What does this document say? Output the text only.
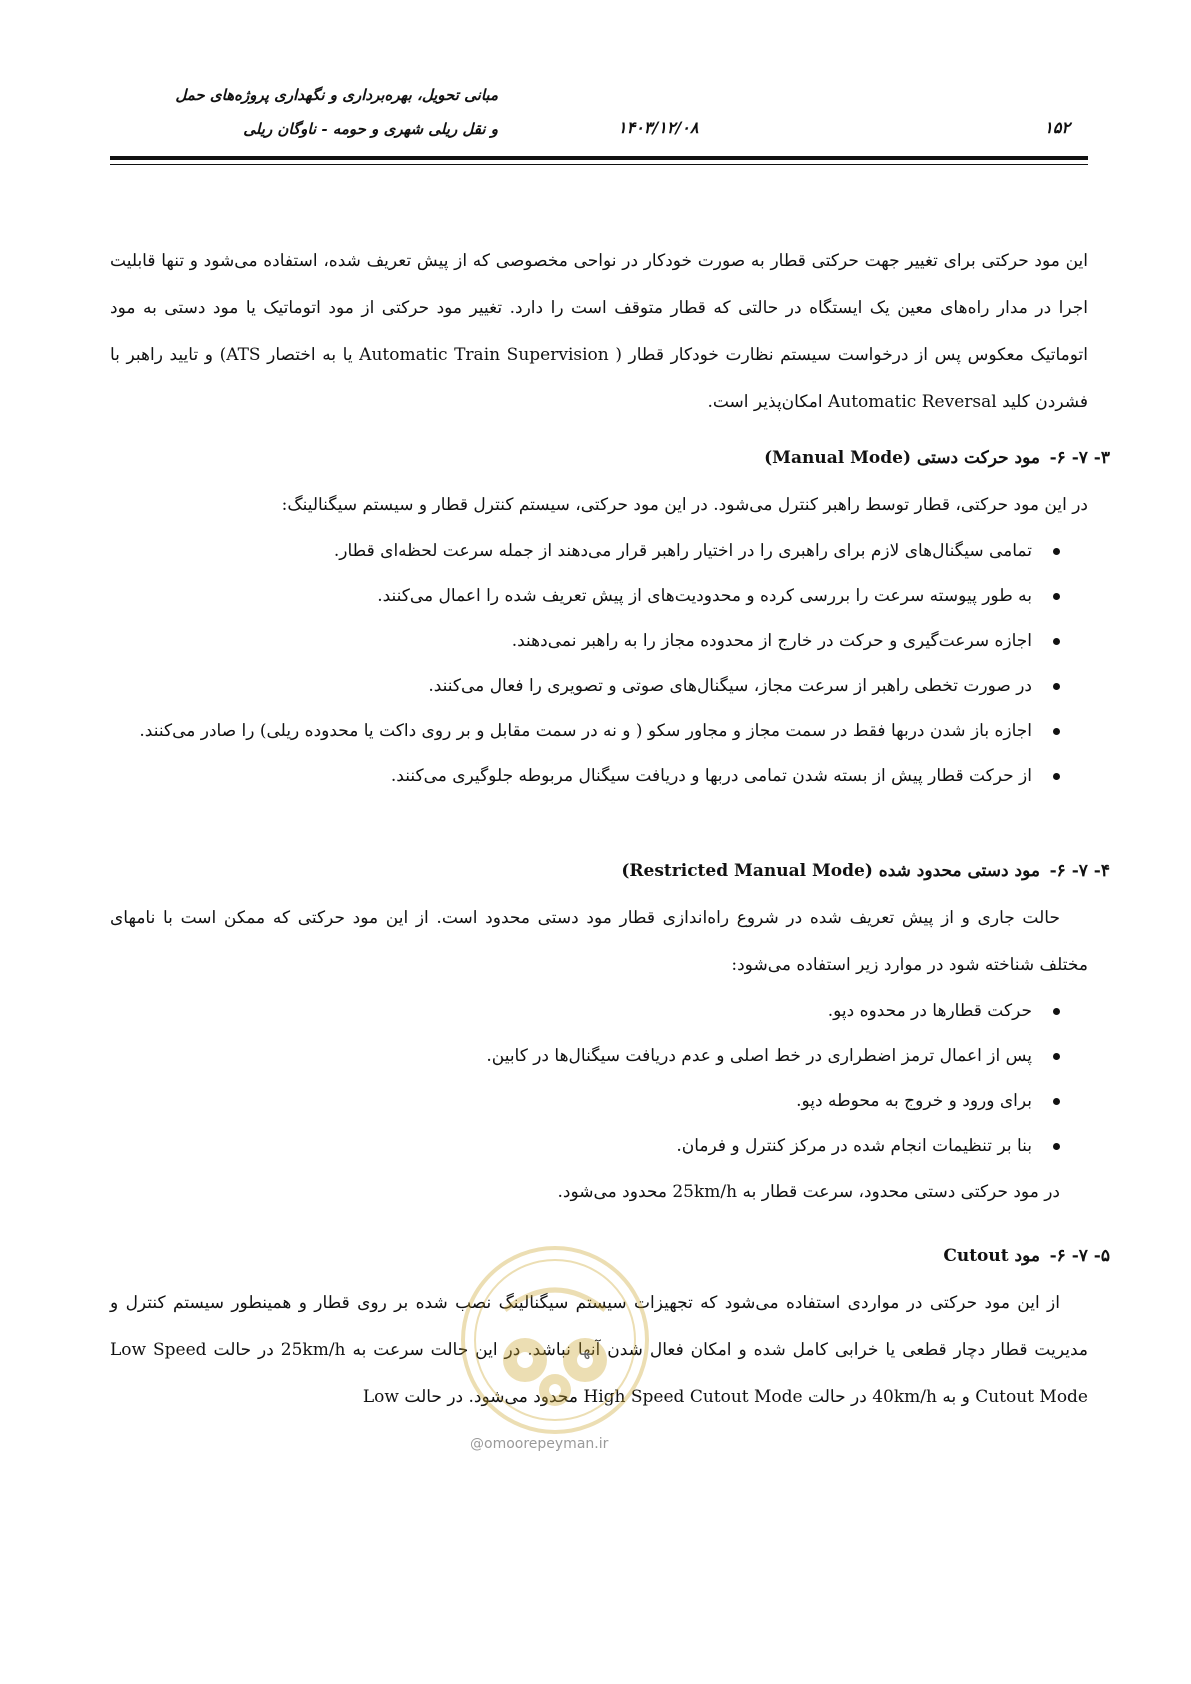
مبانی تحویل، بهره‌برداری و نگهداری پروژه‌های حمل
و نقل ریلی شهری و حومه - ناوگان ریلی	۱۴۰۳/۱۲/۰۸	۱۵۲

این مود حرکتی برای تغییر جهت حرکتی قطار به صورت خودکار در نواحی مخصوصی که از پیش تعریف شده، استفاده می‌شود و تنها قابلیت اجرا در مدار راه‌های معین یک ایستگاه در حالتی که قطار متوقف است را دارد. تغییر مود حرکتی از مود اتوماتیک یا مود دستی به مود اتوماتیک معکوس پس از درخواست سیستم نظارت خودکار قطار ( Automatic Train Supervision یا به اختصار ATS) و تایید راهبر با فشردن کلید Automatic Reversal امکان‌پذیر است.

-۶ -۷ -۳
مود حرکت دستی (Manual Mode)

در این مود حرکتی، قطار توسط راهبر کنترل می‌شود. در این مود حرکتی، سیستم کنترل قطار و سیستم سیگنالینگ:

تمامی سیگنال‌های لازم برای راهبری را در اختیار راهبر قرار می‌دهند از جمله سرعت لحظه‌ای قطار.
به طور پیوسته سرعت را بررسی کرده و محدودیت‌های از پیش تعریف شده را اعمال می‌کنند.
اجازه سرعت‌گیری و حرکت در خارج از محدوده مجاز را به راهبر نمی‌دهند.
در صورت تخطی راهبر از سرعت مجاز، سیگنال‌های صوتی و تصویری را فعال می‌کنند.
اجازه باز شدن دربها فقط در سمت مجاز و مجاور سکو ( و نه در سمت مقابل و بر روی داکت یا محدوده ریلی) را صادر می‌کنند.
از حرکت قطار پیش از بسته شدن تمامی دربها و دریافت سیگنال مربوطه جلوگیری می‌کنند.
-۶ -۷ -۴
مود دستی محدود شده (Restricted Manual Mode)

حالت جاری و از پیش تعریف شده در شروع راه‌اندازی قطار مود دستی محدود است. از این مود حرکتی که ممکن است با نامهای مختلف شناخته شود در موارد زیر استفاده می‌شود:

حرکت قطارها در محدوه دپو.
پس از اعمال ترمز اضطراری در خط اصلی و عدم دریافت سیگنال‌ها در کابین.
برای ورود و خروج به محوطه دپو.
بنا بر تنظیمات انجام شده در مرکز کنترل و فرمان.

در مود حرکتی دستی محدود، سرعت قطار به 25km/h محدود می‌شود.

-۶ -۷ -۵
مود Cutout

از این مود حرکتی در مواردی استفاده می‌شود که تجهیزات سیستم سیگنالینگ نصب شده بر روی قطار و همینطور سیستم کنترل و مدیریت قطار دچار قطعی یا خرابی کامل شده و امکان فعال شدن آنها نباشد. در این حالت سرعت به 25km/h در حالت Low Speed Cutout Mode و به 40km/h در حالت High Speed Cutout Mode محدود می‌شود. در حالت Low

@omoorepeyman.ir
